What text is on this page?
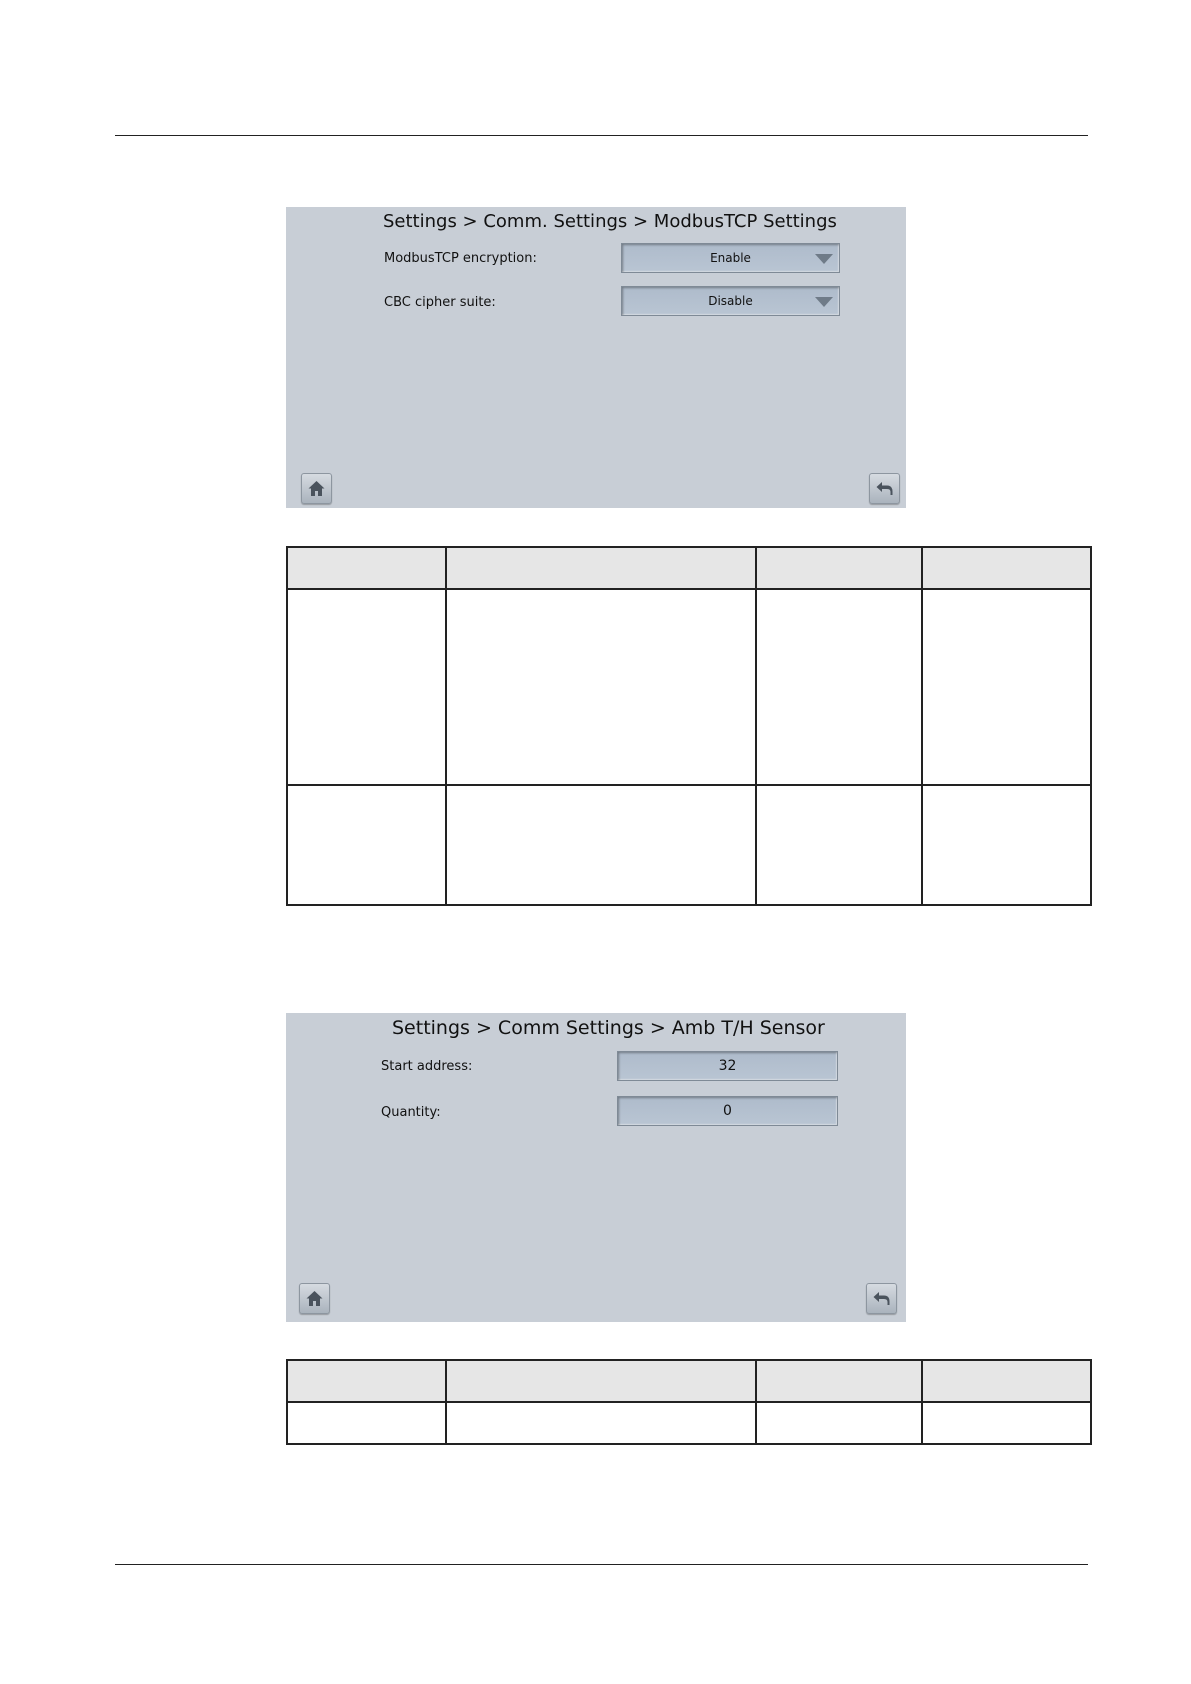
Settings > Comm. Settings > ModbusTCP Settings
ModbusTCP encryption:	Enable
CBC cipher suite:	Disable

Settings > Comm Settings > Amb T/H Sensor
Start address:	32
Quantity:	0
